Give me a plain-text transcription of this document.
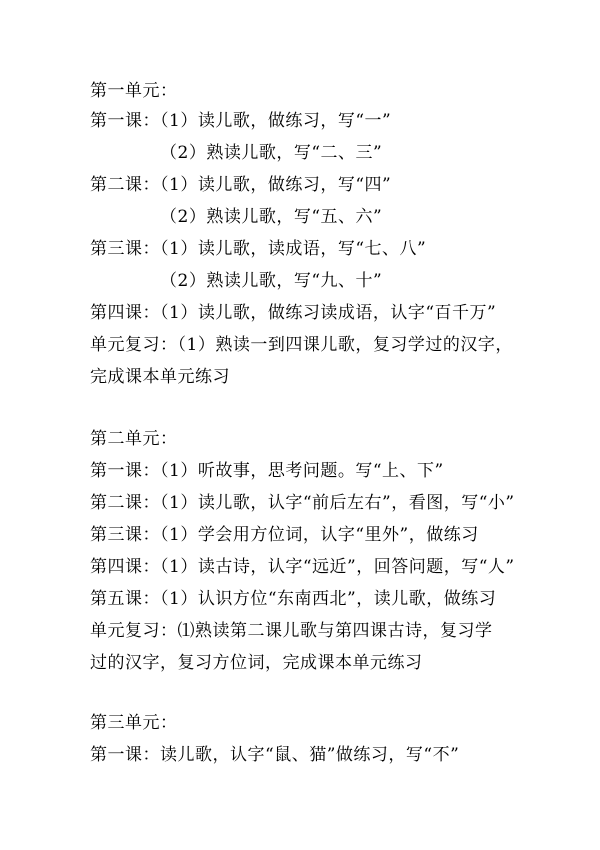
第一单元：
第一课：（1）读儿歌，做练习，写“一”
（2）熟读儿歌，写“二、三”
第二课：（1）读儿歌，做练习，写“四”
（2）熟读儿歌，写“五、六”
第三课：（1）读儿歌，读成语，写“七、八”
（2）熟读儿歌，写“九、十”
第四课：（1）读儿歌，做练习读成语，认字“百千万”
单元复习：（1）熟读一到四课儿歌，复习学过的汉字，
完成课本单元练习
第二单元：
第一课：（1）听故事，思考问题。写“上、下”
第二课：（1）读儿歌，认字“前后左右”，看图，写“小”
第三课：（1）学会用方位词，认字“里外”，做练习
第四课：（1）读古诗，认字“远近”，回答问题，写“人”
第五课：（1）认识方位“东南西北”，读儿歌，做练习
单元复习：⑴熟读第二课儿歌与第四课古诗，复习学
过的汉字，复习方位词，完成课本单元练习
第三单元：
第一课：读儿歌，认字“鼠、猫”做练习，写“不”
